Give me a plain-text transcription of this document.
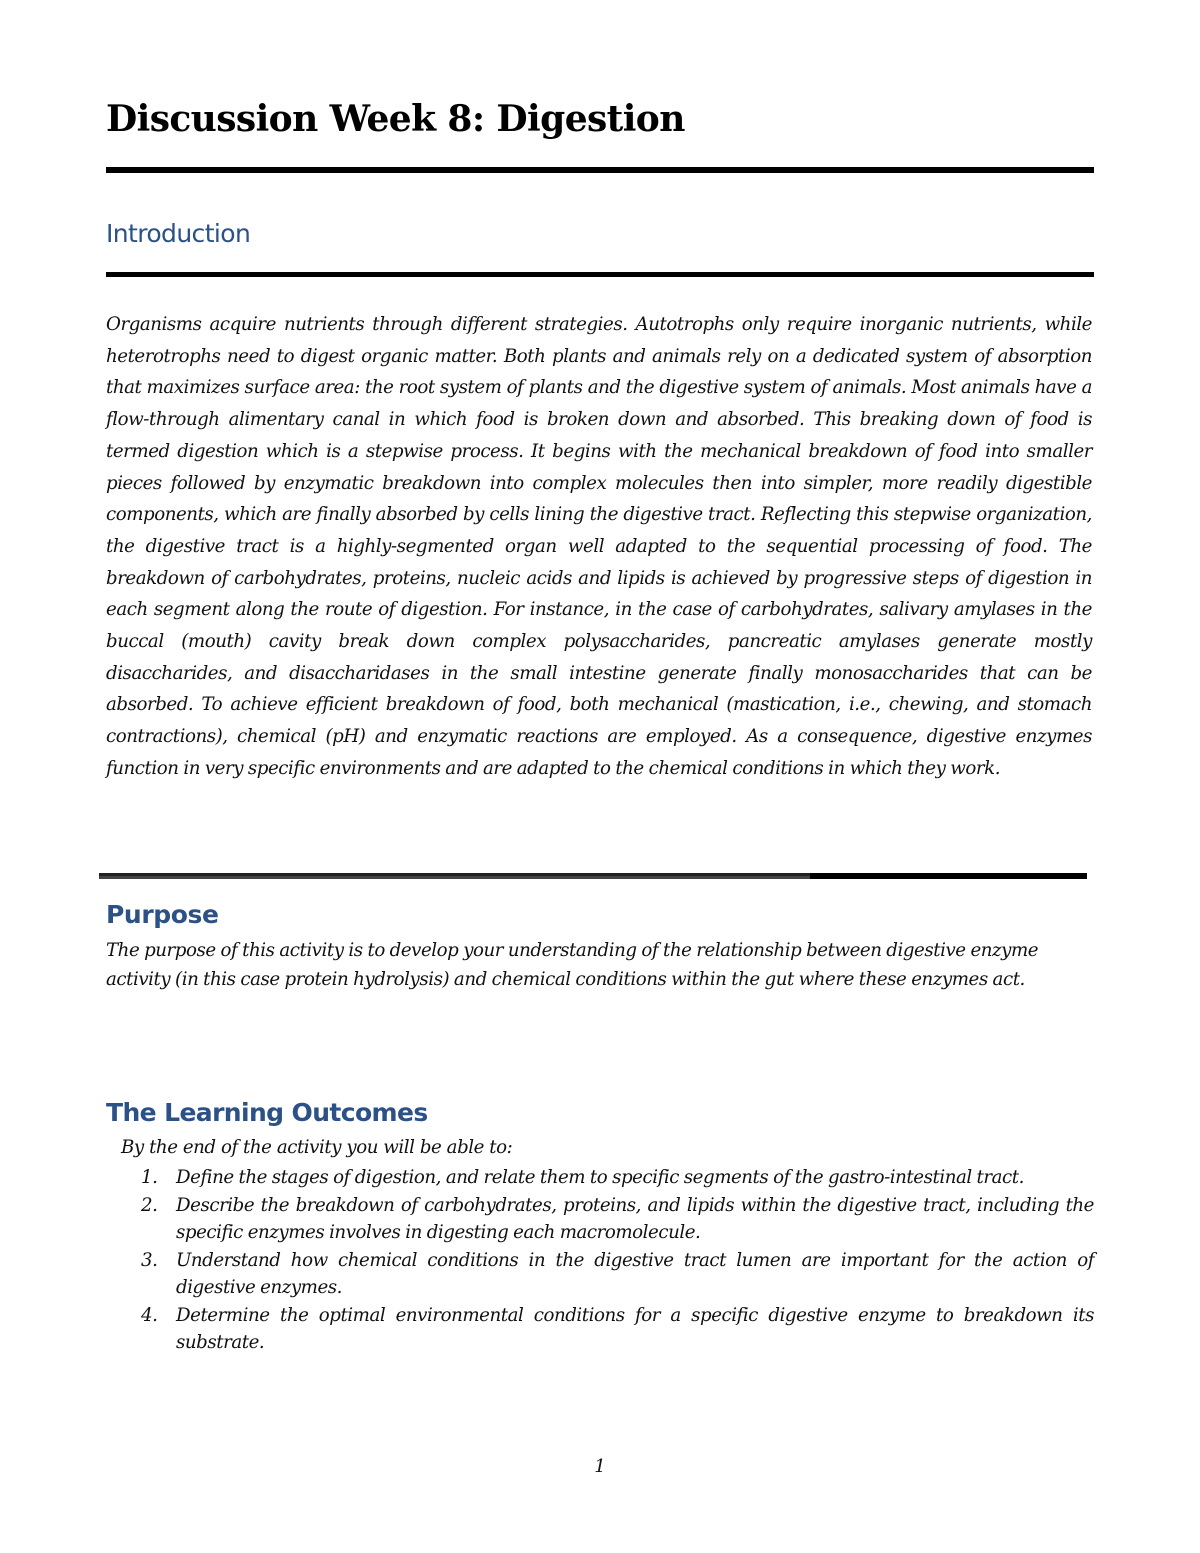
Discussion Week 8: Digestion
Introduction

Organisms acquire nutrients through different strategies. Autotrophs only require inorganic nutrients, while heterotrophs need to digest organic matter. Both plants and animals rely on a dedicated system of absorption that maximizes surface area: the root system of plants and the digestive system of animals. Most animals have a flow-through alimentary canal in which food is broken down and absorbed. This breaking down of food is termed digestion which is a stepwise process. It begins with the mechanical breakdown of food into smaller pieces followed by enzymatic breakdown into complex molecules then into simpler, more readily digestible components, which are finally absorbed by cells lining the digestive tract. Reflecting this stepwise organization, the digestive tract is a highly-segmented organ well adapted to the sequential processing of food. The breakdown of carbohydrates, proteins, nucleic acids and lipids is achieved by progressive steps of digestion in each segment along the route of digestion. For instance, in the case of carbohydrates, salivary amylases in the buccal (mouth) cavity break down complex polysaccharides, pancreatic amylases generate mostly disaccharides, and disaccharidases in the small intestine generate finally monosaccharides that can be absorbed. To achieve efficient breakdown of food, both mechanical (mastication, i.e., chewing, and stomach contractions), chemical (pH) and enzymatic reactions are employed. As a consequence, digestive enzymes function in very specific environments and are adapted to the chemical conditions in which they work.

Purpose

The purpose of this activity is to develop your understanding of the relationship between digestive enzyme activity (in this case protein hydrolysis) and chemical conditions within the gut where these enzymes act.

The Learning Outcomes

By the end of the activity you will be able to:

1.	Define the stages of digestion, and relate them to specific segments of the gastro-intestinal tract.
2.	Describe the breakdown of carbohydrates, proteins, and lipids within the digestive tract, including the specific enzymes involves in digesting each macromolecule.
3.	Understand how chemical conditions in the digestive tract lumen are important for the action of digestive enzymes.
4.	Determine the optimal environmental conditions for a specific digestive enzyme to breakdown its substrate.

1
